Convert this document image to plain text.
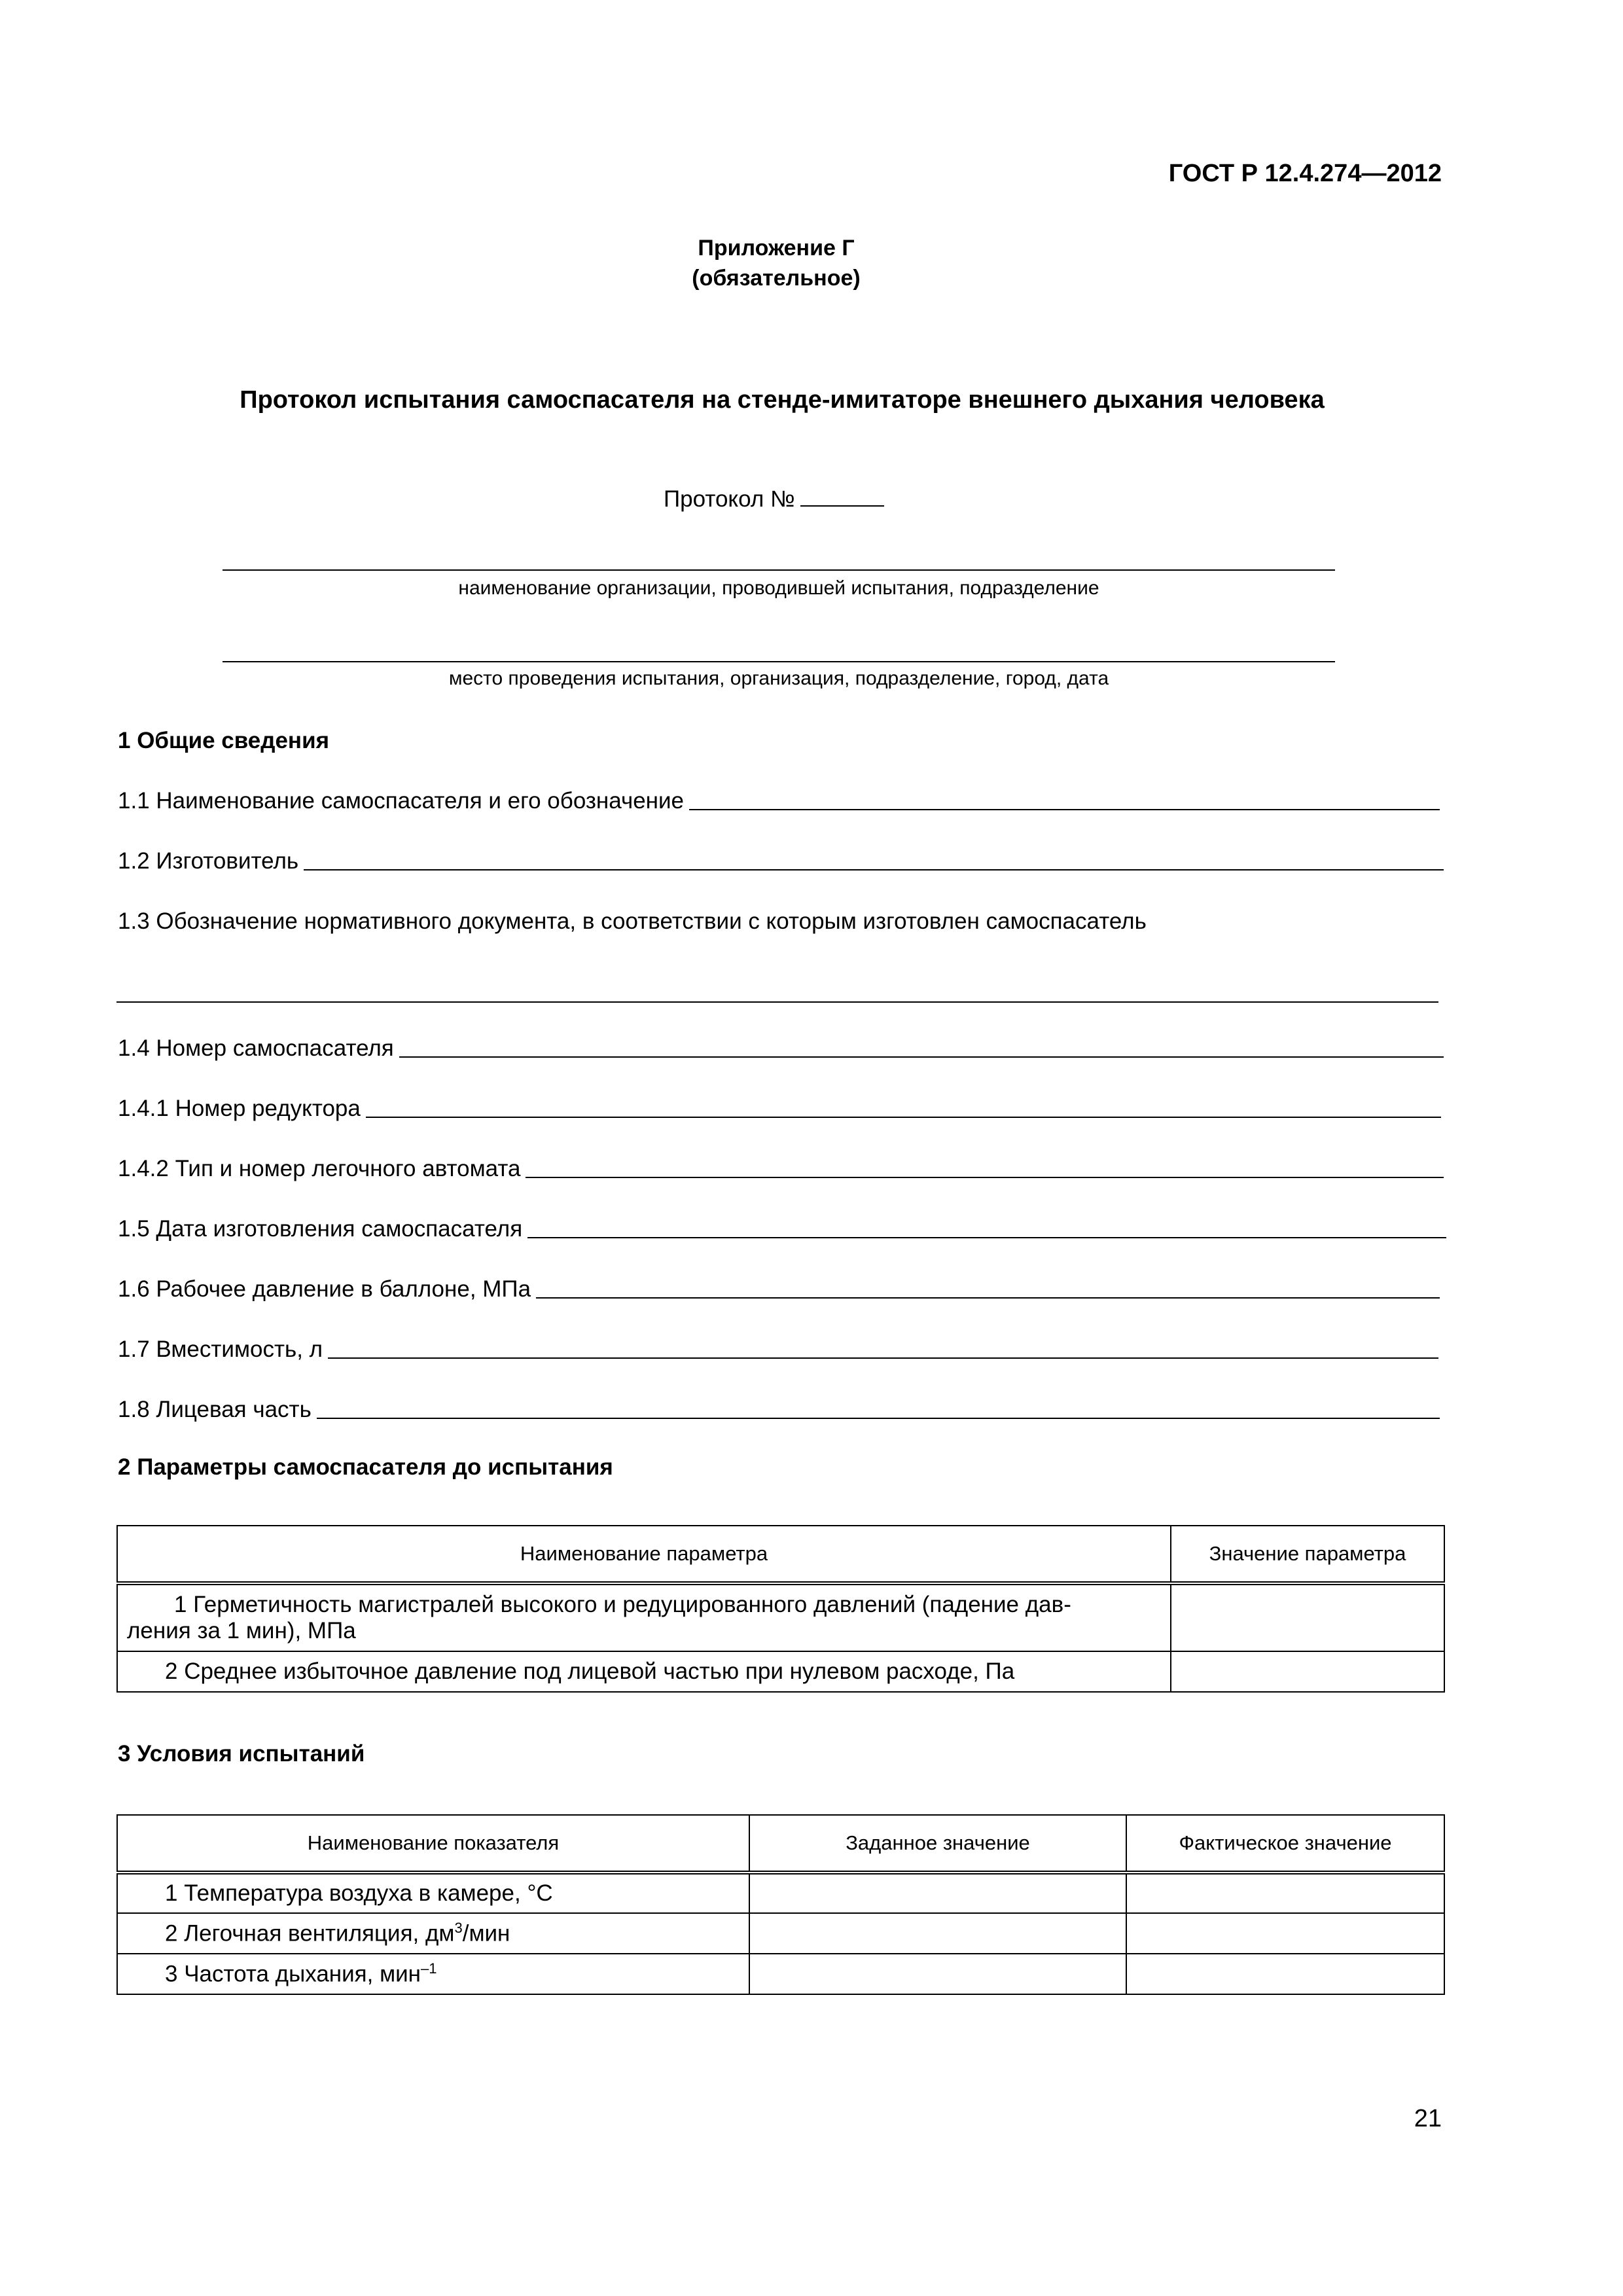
ГОСТ Р 12.4.274—2012
Приложение Г
(обязательное)
Протокол испытания самоспасателя на стенде-имитаторе внешнего дыхания человека
Протокол №
наименование организации, проводившей испытания, подразделение
место проведения испытания, организация, подразделение, город, дата
1 Общие сведения
1.1 Наименование самоспасателя и его обозначение
1.2 Изготовитель
1.3 Обозначение нормативного документа, в соответствии с которым изготовлен самоспасатель
1.4 Номер самоспасателя
1.4.1 Номер редуктора
1.4.2 Тип и номер легочного автомата
1.5 Дата изготовления самоспасателя
1.6 Рабочее давление в баллоне, МПа
1.7 Вместимость, л
1.8 Лицевая часть
2 Параметры самоспасателя до испытания
Наименование параметра	Значение параметра

1 Герметичность магистралей высокого и редуцированного давлений (падение дав-
ления за 1 мин), МПа	

2 Среднее избыточное давление под лицевой частью при нулевом расходе, Па	
3 Условия испытаний
Наименование показателя	Заданное значение	Фактическое значение
1 Температура воздуха в камере, °С		
2 Легочная вентиляция, $дм^3$/мин		
3 Частота дыхания, мин$^{-1}$		
21
